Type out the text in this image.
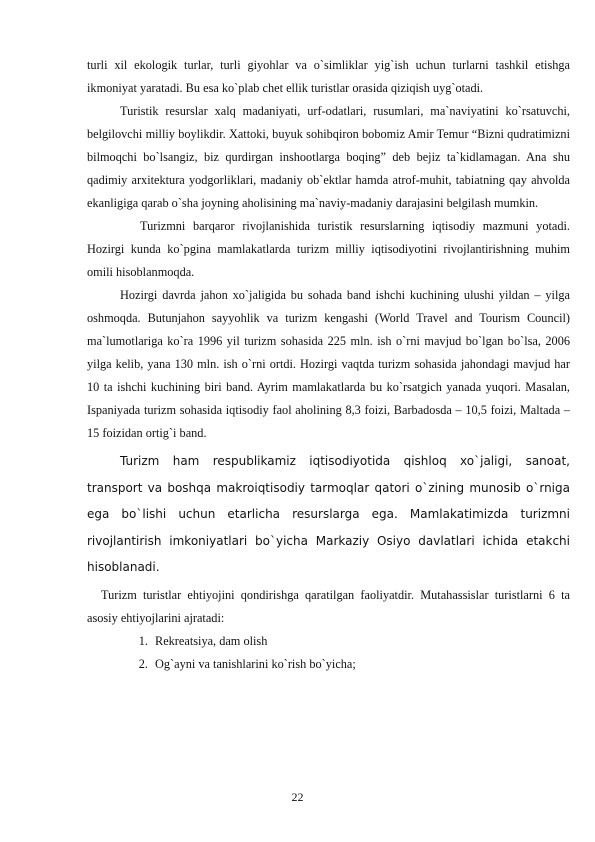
turli xil ekologik turlar, turli giyohlar va o`simliklar yig`ish uchun turlarni tashkil etishga ikmoniyat yaratadi. Bu esa ko`plab chet ellik turistlar orasida qiziqish uyg`otadi.

Turistik resurslar xalq madaniyati, urf-odatlari, rusumlari, ma`naviyatini ko`rsatuvchi, belgilovchi milliy boylikdir. Xattoki, buyuk sohibqiron bobomiz Amir Temur “Bizni qudratimizni bilmoqchi bo`lsangiz, biz qurdirgan inshootlarga boqing” deb bejiz ta`kidlamagan. Ana shu qadimiy arxitektura yodgorliklari, madaniy ob`ektlar hamda atrof-muhit, tabiatning qay ahvolda ekanligiga qarab o`sha joyning aholisining ma`naviy-madaniy darajasini belgilash mumkin.

Turizmni barqaror rivojlanishida turistik resurslarning iqtisodiy mazmuni yotadi. Hozirgi kunda ko`pgina mamlakatlarda turizm milliy iqtisodiyotini rivojlantirishning muhim omili hisoblanmoqda.

Hozirgi davrda jahon xo`jaligida bu sohada band ishchi kuchining ulushi yildan – yilga oshmoqda. Butunjahon sayyohlik va turizm kengashi (World Travel and Tourism Council) ma`lumotlariga ko`ra 1996 yil turizm sohasida 225 mln. ish o`rni mavjud bo`lgan bo`lsa, 2006 yilga kelib, yana 130 mln. ish o`rni ortdi. Hozirgi vaqtda turizm sohasida jahondagi mavjud har 10 ta ishchi kuchining biri band. Ayrim mamlakatlarda bu ko`rsatgich yanada yuqori. Masalan, Ispaniyada turizm sohasida iqtisodiy faol aholining 8,3 foizi, Barbadosda – 10,5 foizi, Maltada – 15 foizidan ortig`i band.

Turizm ham respublikamiz iqtisodiyotida qishloq xo`jaligi, sanoat, transport va boshqa makroiqtisodiy tarmoqlar qatori o`zining munosib o`rniga ega bo`lishi uchun etarlicha resurslarga ega. Mamlakatimizda turizmni rivojlantirish imkoniyatlari bo`yicha Markaziy Osiyo davlatlari ichida etakchi hisoblanadi.

Turizm turistlar ehtiyojini qondirishga qaratilgan faoliyatdir. Mutahassislar turistlarni 6 ta asosiy ehtiyojlarini ajratadi:

1. Rekreatsiya, dam olish
2. Og`ayni va tanishlarini ko`rish bo`yicha;
22
